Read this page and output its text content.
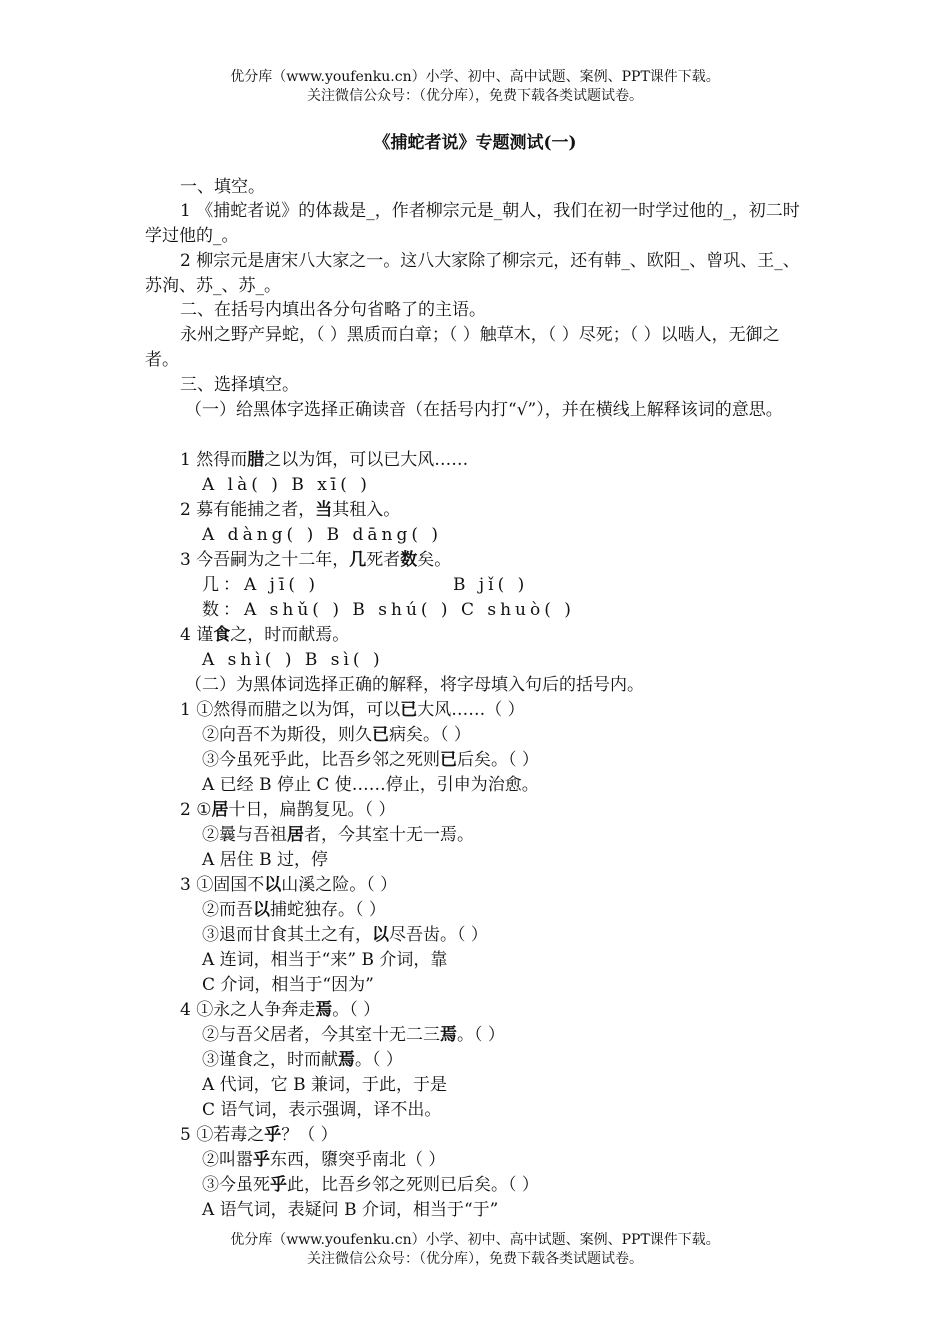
优分库（www.youfenku.cn）小学、初中、高中试题、案例、PPT课件下载。
关注微信公众号：（优分库），免费下载各类试题试卷。
《捕蛇者说》专题测试(一)
一、填空。
1 《捕蛇者说》的体裁是_，作者柳宗元是_朝人，我们在初一时学过他的_，初二时学过他的_。
2 柳宗元是唐宋八大家之一。这八大家除了柳宗元，还有韩_、欧阳_、曾巩、王_、苏洵、苏_、苏_。
二、在括号内填出各分句省略了的主语。
永州之野产异蛇，（ ）黑质而白章；（ ）触草木，（ ）尽死；（ ）以啮人，无御之者。
三、选择填空。
（一）给黑体字选择正确读音（在括号内打“√”），并在横线上解释该词的意思。
1 然得而腊之以为饵，可以已大风……
A là( ) B xī( )
2 募有能捕之者，当其租入。
A dàng( ) B dāng( )
3 今吾嗣为之十二年，几死者数矣。
几：A jī( )	B jǐ( )
数：A shǔ( ) B shú( ) C shuò( )
4 谨食之，时而献焉。
A shì( ) B sì( )
（二）为黑体词选择正确的解释，将字母填入句后的括号内。
1 ①然得而腊之以为饵，可以已大风……（ ）
②向吾不为斯役，则久已病矣。（ ）
③今虽死乎此，比吾乡邻之死则已后矣。（ ）
A 已经 B 停止 C 使……停止，引申为治愈。
2 ①居十日，扁鹊复见。（ ）
②曩与吾祖居者，今其室十无一焉。
A 居住 B 过，停
3 ①固国不以山溪之险。（ ）
②而吾以捕蛇独存。（ ）
③退而甘食其土之有，以尽吾齿。（ ）
A 连词，相当于“来” B 介词，靠
C 介词，相当于“因为”
4 ①永之人争奔走焉。（ ）
②与吾父居者，今其室十无二三焉。（ ）
③谨食之，时而献焉。（ ）
A 代词，它 B 兼词，于此，于是
C 语气词，表示强调，译不出。
5 ①若毒之乎？（ ）
②叫嚣乎东西，隳突乎南北（ ）
③今虽死乎此，比吾乡邻之死则已后矣。（ ）
A 语气词，表疑问 B 介词，相当于“于”
优分库（www.youfenku.cn）小学、初中、高中试题、案例、PPT课件下载。
关注微信公众号：（优分库），免费下载各类试题试卷。
